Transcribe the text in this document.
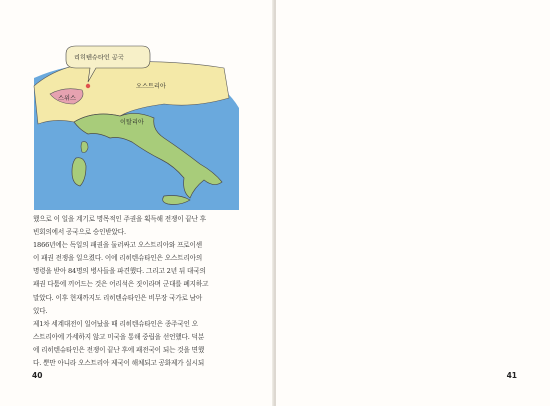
리히텐슈타인 공국
스위스
오스트리아
이탈리아
했으로 이 일을 계기로 명목적인 주권을 획득해 전쟁이 끝난 후
빈회의에서 공국으로 승인받았다.
1866년에는 독일의 패권을 둘러싸고 오스트리아와 프로이센
이 패권 전쟁을 일으켰다. 이에 리히텐슈타인은 오스트리아의
명령을 받아 84명의 병사들을 파견했다. 그리고 2년 뒤 대국의
패권 다툼에 끼어드는 것은 어리석은 짓이라며 군대를 폐지하고
말았다. 이후 현재까지도 리히텐슈타인은 비무장 국가로 남아
있다.
제1차 세계대전이 일어났을 때 리히텐슈타인은 종주국인 오
스트리아에 가세하지 않고 미국을 통해 중립을 선언했다. 덕분
에 리히텐슈타인은 전쟁이 끝난 후에 패전국이 되는 것을 면했
다. 뿐만 아니라 오스트리아 제국이 해체되고 공화제가 실시되
40	41
